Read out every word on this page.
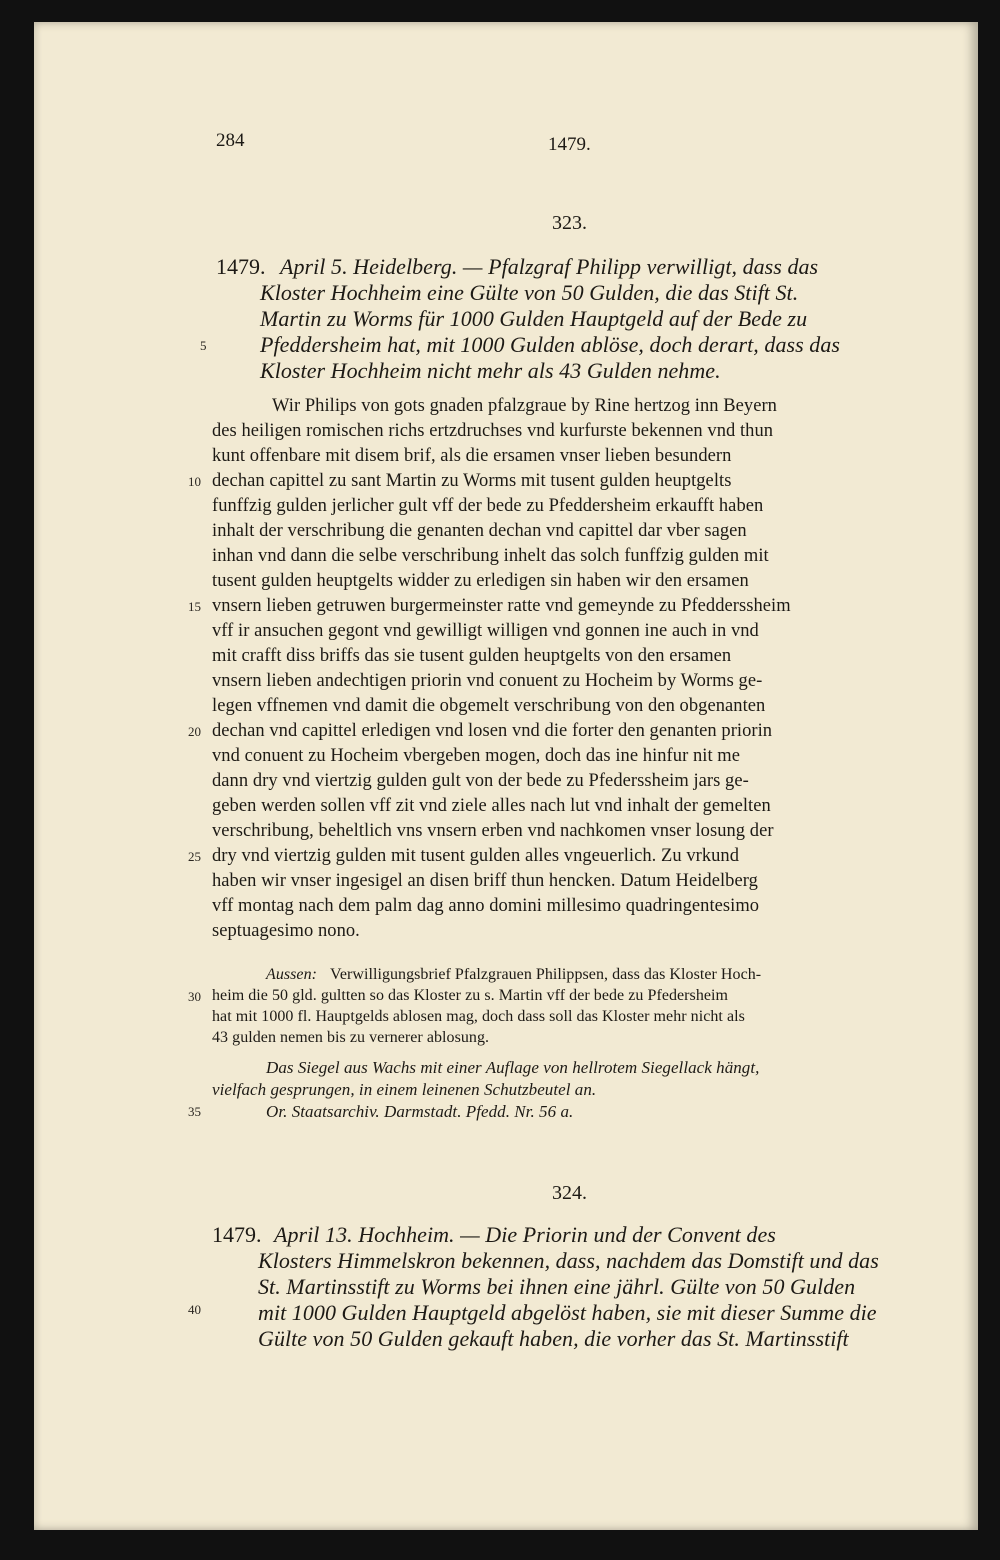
284	1479.
323.
1479. April 5. Heidelberg. — Pfalzgraf Philipp verwilligt, dass das
Kloster Hochheim eine Gülte von 50 Gulden, die das Stift St.
Martin zu Worms für 1000 Gulden Hauptgeld auf der Bede zu
Pfeddersheim hat, mit 1000 Gulden ablöse, doch derart, dass das
Kloster Hochheim nicht mehr als 43 Gulden nehme.
Wir Philips von gots gnaden pfalzgraue by Rine hertzog inn Beyern
des heiligen romischen richs ertzdruchses vnd kurfurste bekennen vnd thun
kunt offenbare mit disem brif, als die ersamen vnser lieben besundern
dechan capittel zu sant Martin zu Worms mit tusent gulden heuptgelts
funffzig gulden jerlicher gult vff der bede zu Pfeddersheim erkaufft haben
inhalt der verschribung die genanten dechan vnd capittel dar vber sagen
inhan vnd dann die selbe verschribung inhelt das solch funffzig gulden mit
tusent gulden heuptgelts widder zu erledigen sin haben wir den ersamen
vnsern lieben getruwen burgermeinster ratte vnd gemeynde zu Pfedderssheim
vff ir ansuchen gegont vnd gewilligt willigen vnd gonnen ine auch in vnd
mit crafft diss briffs das sie tusent gulden heuptgelts von den ersamen
vnsern lieben andechtigen priorin vnd conuent zu Hocheim by Worms ge-
legen vffnemen vnd damit die obgemelt verschribung von den obgenanten
dechan vnd capittel erledigen vnd losen vnd die forter den genanten priorin
vnd conuent zu Hocheim vbergeben mogen, doch das ine hinfur nit me
dann dry vnd viertzig gulden gult von der bede zu Pfederssheim jars ge-
geben werden sollen vff zit vnd ziele alles nach lut vnd inhalt der gemelten
verschribung, beheltlich vns vnsern erben vnd nachkomen vnser losung der
dry vnd viertzig gulden mit tusent gulden alles vngeuerlich. Zu vrkund
haben wir vnser ingesigel an disen briff thun hencken. Datum Heidelberg
vff montag nach dem palm dag anno domini millesimo quadringentesimo
septuagesimo nono.
Aussen: Verwilligungsbrief Pfalzgrauen Philippsen, dass das Kloster Hoch-
heim die 50 gld. gultten so das Kloster zu s. Martin vff der bede zu Pfedersheim
hat mit 1000 fl. Hauptgelds ablosen mag, doch dass soll das Kloster mehr nicht als
43 gulden nemen bis zu vernerer ablosung.
Das Siegel aus Wachs mit einer Auflage von hellrotem Siegellack hängt,
vielfach gesprungen, in einem leinenen Schutzbeutel an.
Or. Staatsarchiv. Darmstadt. Pfedd. Nr. 56 a.
324.
1479. April 13. Hochheim. — Die Priorin und der Convent des
Klosters Himmelskron bekennen, dass, nachdem das Domstift und das
St. Martinsstift zu Worms bei ihnen eine jährl. Gülte von 50 Gulden
mit 1000 Gulden Hauptgeld abgelöst haben, sie mit dieser Summe die
Gülte von 50 Gulden gekauft haben, die vorher das St. Martinsstift
5
10
15
20
25
30
35
40
